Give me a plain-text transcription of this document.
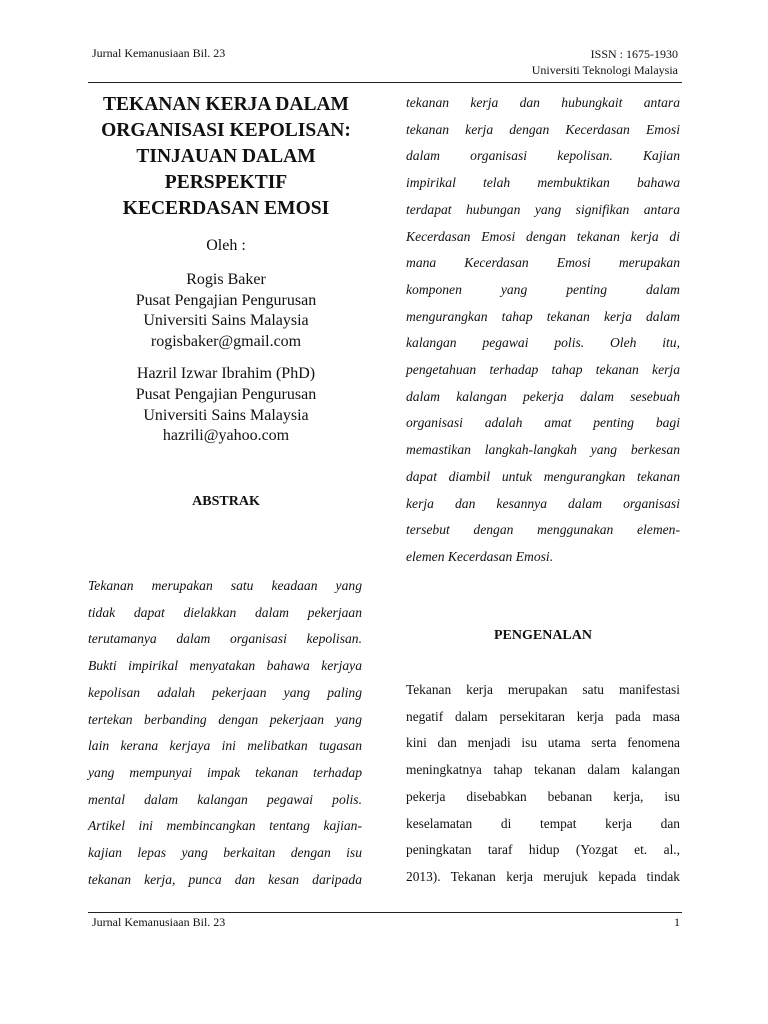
Jurnal Kemanusiaan Bil. 23	ISSN : 1675-1930
Universiti Teknologi Malaysia
TEKANAN KERJA DALAM
ORGANISASI KEPOLISAN:
TINJAUAN DALAM
PERSPEKTIF
KECERDASAN EMOSI
Oleh :
Rogis Baker
Pusat Pengajian Pengurusan
Universiti Sains Malaysia
rogisbaker@gmail.com
Hazril Izwar Ibrahim (PhD)
Pusat Pengajian Pengurusan
Universiti Sains Malaysia
hazrili@yahoo.com
ABSTRAK

Tekanan merupakan satu keadaan yang
tidak dapat dielakkan dalam pekerjaan
terutamanya dalam organisasi kepolisan.
Bukti impirikal menyatakan bahawa kerjaya
kepolisan adalah pekerjaan yang paling
tertekan berbanding dengan pekerjaan yang
lain kerana kerjaya ini melibatkan tugasan
yang mempunyai impak tekanan terhadap
mental dalam kalangan pegawai polis.
Artikel ini membincangkan tentang kajian-
kajian lepas yang berkaitan dengan isu
tekanan kerja, punca dan kesan daripada

tekanan kerja dan hubungkait antara
tekanan kerja dengan Kecerdasan Emosi
dalam organisasi kepolisan. Kajian
impirikal telah membuktikan bahawa
terdapat hubungan yang signifikan antara
Kecerdasan Emosi dengan tekanan kerja di
mana Kecerdasan Emosi merupakan
komponen yang penting dalam
mengurangkan tahap tekanan kerja dalam
kalangan pegawai polis. Oleh itu,
pengetahuan terhadap tahap tekanan kerja
dalam kalangan pekerja dalam sesebuah
organisasi adalah amat penting bagi
memastikan langkah-langkah yang berkesan
dapat diambil untuk mengurangkan tekanan
kerja dan kesannya dalam organisasi
tersebut dengan menggunakan elemen-
elemen Kecerdasan Emosi.

PENGENALAN

Tekanan kerja merupakan satu manifestasi
negatif dalam persekitaran kerja pada masa
kini dan menjadi isu utama serta fenomena
meningkatnya tahap tekanan dalam kalangan
pekerja disebabkan bebanan kerja, isu
keselamatan di tempat kerja dan
peningkatan taraf hidup (Yozgat et. al.,
2013). Tekanan kerja merujuk kepada tindak

Jurnal Kemanusiaan Bil. 23	1
